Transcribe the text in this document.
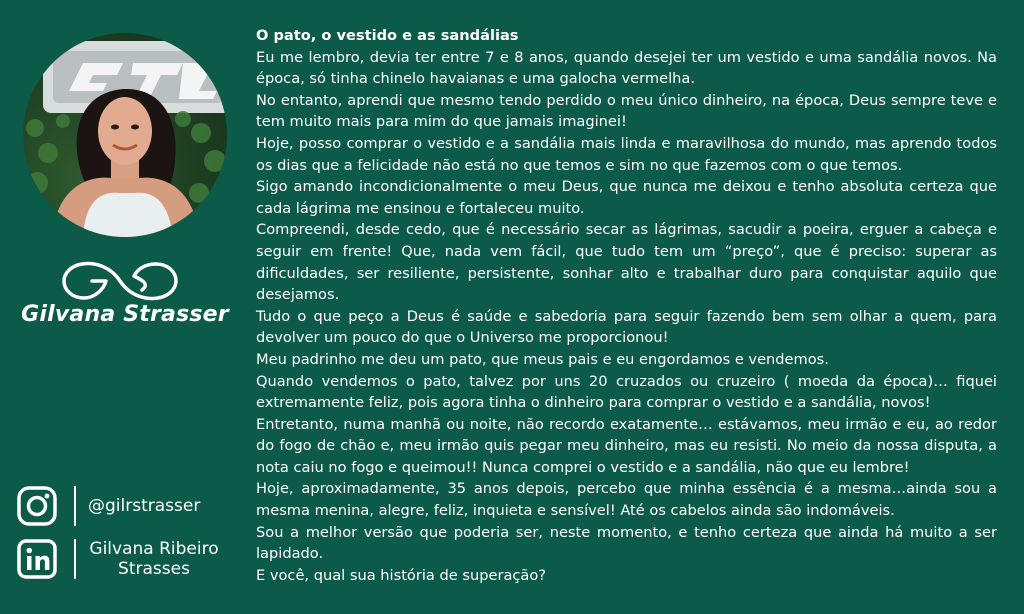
Gilvana Strasser
@gilrstrasser
Gilvana Ribeiro
Strasses

O pato, o vestido e as sandálias

Eu me lembro, devia ter entre 7 e 8 anos, quando desejei ter um vestido e uma sandália novos. Na época, só tinha chinelo havaianas e uma galocha vermelha.

No entanto, aprendi que mesmo tendo perdido o meu único dinheiro, na época, Deus sempre teve e tem muito mais para mim do que jamais imaginei!

Hoje, posso comprar o vestido e a sandália mais linda e maravilhosa do mundo, mas aprendo todos os dias que a felicidade não está no que temos e sim no que fazemos com o que temos.

Sigo amando incondicionalmente o meu Deus, que nunca me deixou e tenho absoluta certeza que cada lágrima me ensinou e fortaleceu muito.

Compreendi, desde cedo, que é necessário secar as lágrimas, sacudir a poeira, erguer a cabeça e seguir em frente! Que, nada vem fácil, que tudo tem um “preço”, que é preciso: superar as dificuldades, ser resiliente, persistente, sonhar alto e trabalhar duro para conquistar aquilo que desejamos.

Tudo o que peço a Deus é saúde e sabedoria para seguir fazendo bem sem olhar a quem, para devolver um pouco do que o Universo me proporcionou!

Meu padrinho me deu um pato, que meus pais e eu engordamos e vendemos.

Quando vendemos o pato, talvez por uns 20 cruzados ou cruzeiro ( moeda da época)… fiquei extremamente feliz, pois agora tinha o dinheiro para comprar o vestido e a sandália, novos!

Entretanto, numa manhã ou noite, não recordo exatamente… estávamos, meu irmão e eu, ao redor do fogo de chão e, meu irmão quis pegar meu dinheiro, mas eu resisti. No meio da nossa disputa, a nota caiu no fogo e queimou!! Nunca comprei o vestido e a sandália, não que eu lembre!

Hoje, aproximadamente, 35 anos depois, percebo que minha essência é a mesma…ainda sou a mesma menina, alegre, feliz, inquieta e sensível! Até os cabelos ainda são indomáveis.

Sou a melhor versão que poderia ser, neste momento, e tenho certeza que ainda há muito a ser lapidado.

E você, qual sua história de superação?
